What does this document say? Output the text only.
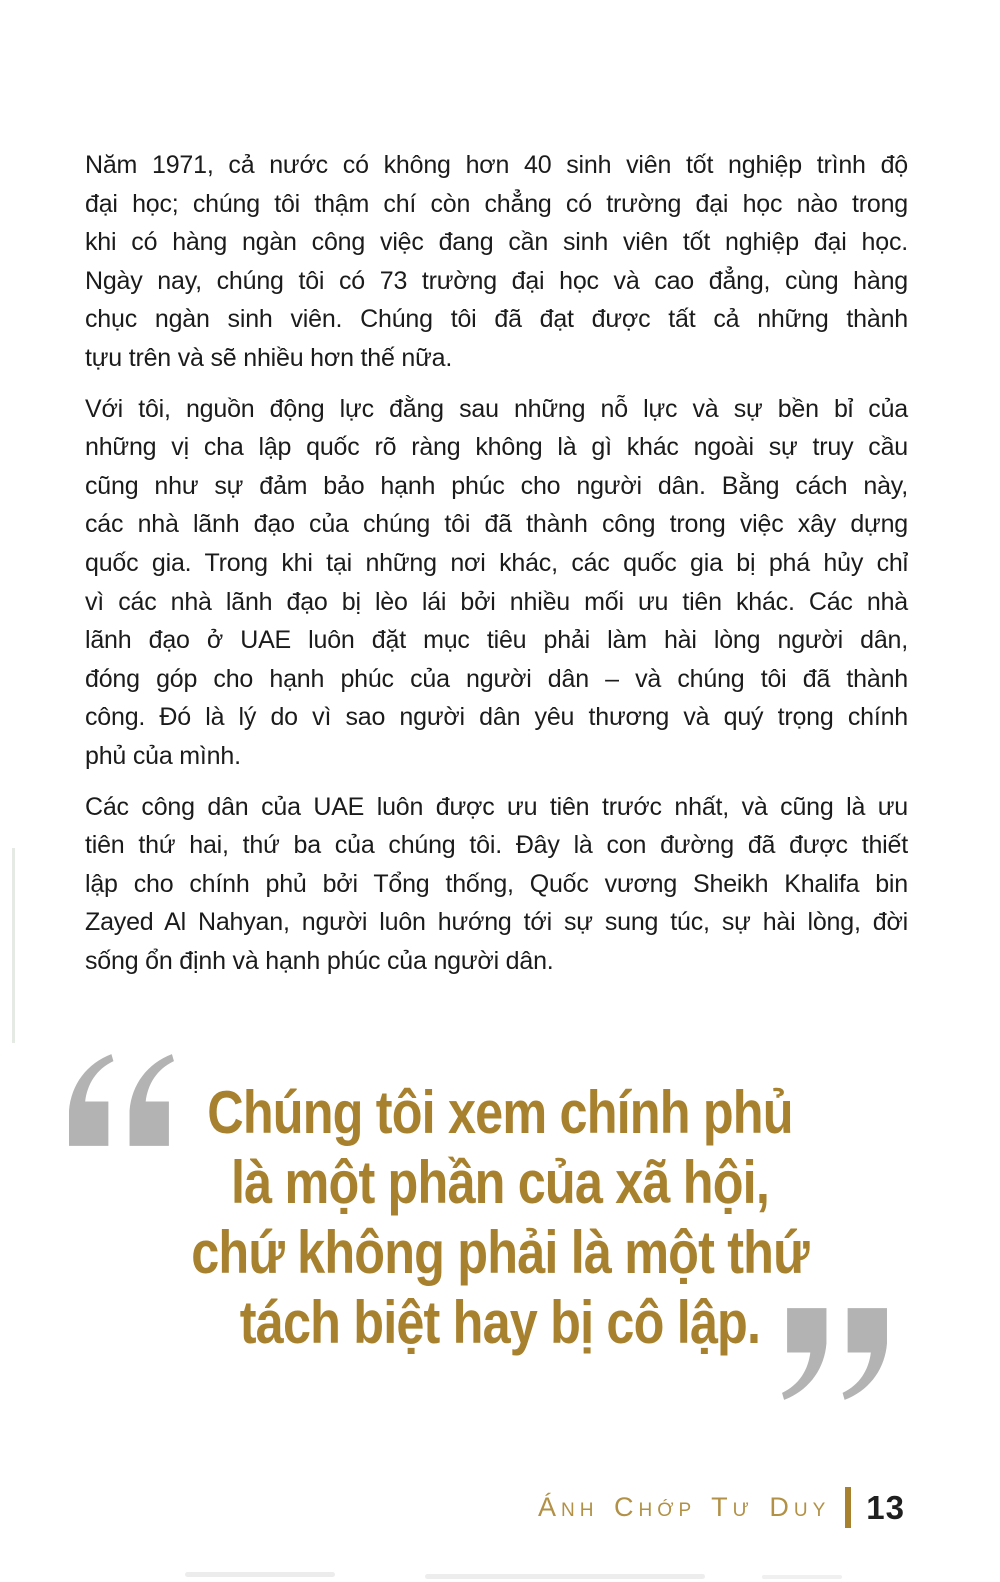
Năm 1971, cả nước có không hơn 40 sinh viên tốt nghiệp trình độ
đại học; chúng tôi thậm chí còn chẳng có trường đại học nào trong
khi có hàng ngàn công việc đang cần sinh viên tốt nghiệp đại học.
Ngày nay, chúng tôi có 73 trường đại học và cao đẳng, cùng hàng
chục ngàn sinh viên. Chúng tôi đã đạt được tất cả những thành
tựu trên và sẽ nhiều hơn thế nữa.
Với tôi, nguồn động lực đằng sau những nỗ lực và sự bền bỉ của
những vị cha lập quốc rõ ràng không là gì khác ngoài sự truy cầu
cũng như sự đảm bảo hạnh phúc cho người dân. Bằng cách này,
các nhà lãnh đạo của chúng tôi đã thành công trong việc xây dựng
quốc gia. Trong khi tại những nơi khác, các quốc gia bị phá hủy chỉ
vì các nhà lãnh đạo bị lèo lái bởi nhiều mối ưu tiên khác. Các nhà
lãnh đạo ở UAE luôn đặt mục tiêu phải làm hài lòng người dân,
đóng góp cho hạnh phúc của người dân – và chúng tôi đã thành
công. Đó là lý do vì sao người dân yêu thương và quý trọng chính
phủ của mình.
Các công dân của UAE luôn được ưu tiên trước nhất, và cũng là ưu
tiên thứ hai, thứ ba của chúng tôi. Đây là con đường đã được thiết
lập cho chính phủ bởi Tổng thống, Quốc vương Sheikh Khalifa bin
Zayed Al Nahyan, người luôn hướng tới sự sung túc, sự hài lòng, đời
sống ổn định và hạnh phúc của người dân.
Chúng tôi xem chính phủ
là một phần của xã hội,
chứ không phải là một thứ
tách biệt hay bị cô lập.
Ánh Chớp Tư Duy 13
